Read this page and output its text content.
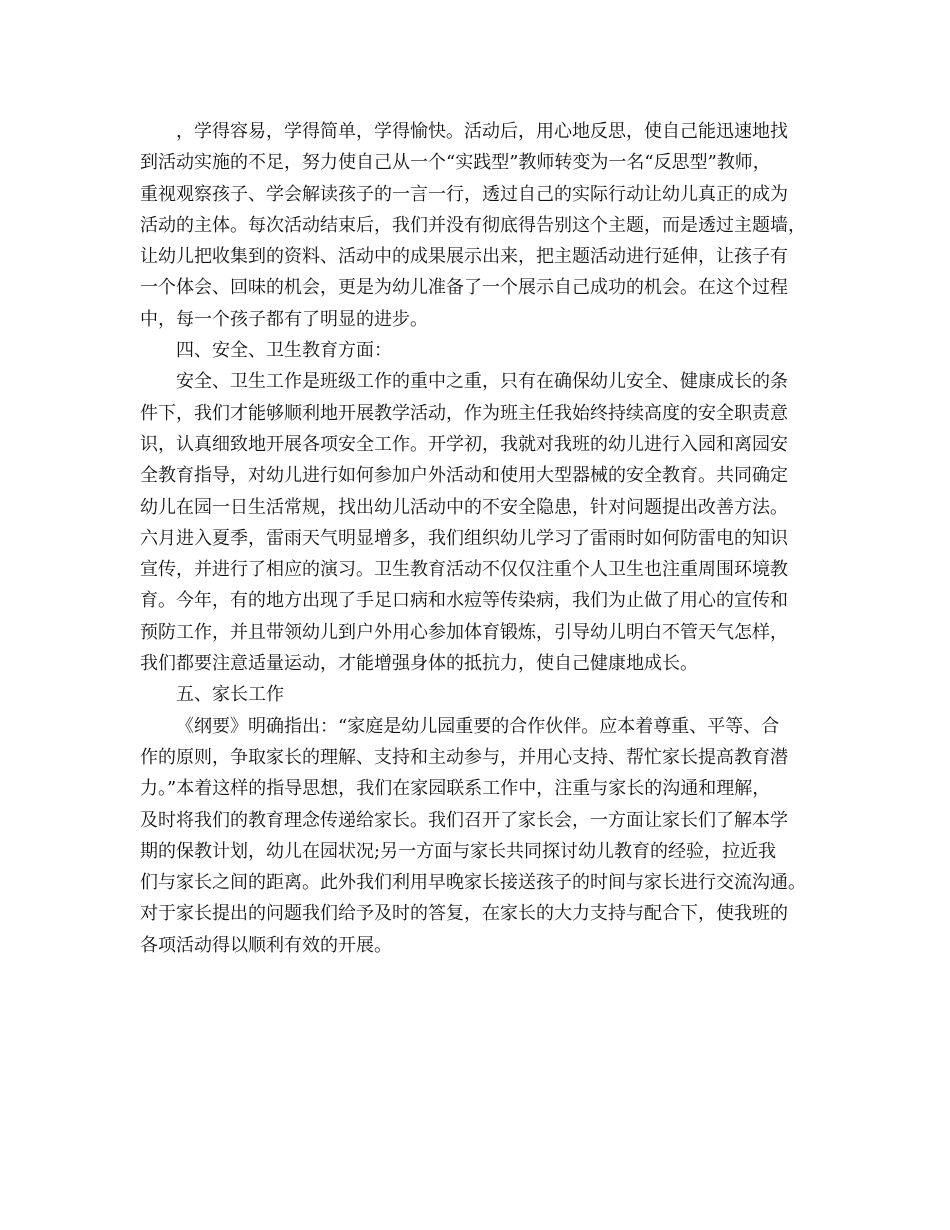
，学得容易，学得简单，学得愉快。活动后，用心地反思，使自己能迅速地找
到活动实施的不足，努力使自己从一个“实践型”教师转变为一名“反思型”教师，
重视观察孩子、学会解读孩子的一言一行，透过自己的实际行动让幼儿真正的成为
活动的主体。每次活动结束后，我们并没有彻底得告别这个主题，而是透过主题墙，
让幼儿把收集到的资料、活动中的成果展示出来，把主题活动进行延伸，让孩子有
一个体会、回味的机会，更是为幼儿准备了一个展示自己成功的机会。在这个过程
中，每一个孩子都有了明显的进步。
四、安全、卫生教育方面：
安全、卫生工作是班级工作的重中之重，只有在确保幼儿安全、健康成长的条
件下，我们才能够顺利地开展教学活动，作为班主任我始终持续高度的安全职责意
识，认真细致地开展各项安全工作。开学初，我就对我班的幼儿进行入园和离园安
全教育指导，对幼儿进行如何参加户外活动和使用大型器械的安全教育。共同确定
幼儿在园一日生活常规，找出幼儿活动中的不安全隐患，针对问题提出改善方法。
六月进入夏季，雷雨天气明显增多，我们组织幼儿学习了雷雨时如何防雷电的知识
宣传，并进行了相应的演习。卫生教育活动不仅仅注重个人卫生也注重周围环境教
育。今年，有的地方出现了手足口病和水痘等传染病，我们为止做了用心的宣传和
预防工作，并且带领幼儿到户外用心参加体育锻炼，引导幼儿明白不管天气怎样，
我们都要注意适量运动，才能增强身体的抵抗力，使自己健康地成长。
五、家长工作
《纲要》明确指出：“家庭是幼儿园重要的合作伙伴。应本着尊重、平等、合
作的原则，争取家长的理解、支持和主动参与，并用心支持、帮忙家长提高教育潜
力。”本着这样的指导思想，我们在家园联系工作中，注重与家长的沟通和理解，
及时将我们的教育理念传递给家长。我们召开了家长会，一方面让家长们了解本学
期的保教计划，幼儿在园状况;另一方面与家长共同探讨幼儿教育的经验，拉近我
们与家长之间的距离。此外我们利用早晚家长接送孩子的时间与家长进行交流沟通。
对于家长提出的问题我们给予及时的答复，在家长的大力支持与配合下，使我班的
各项活动得以顺利有效的开展。
